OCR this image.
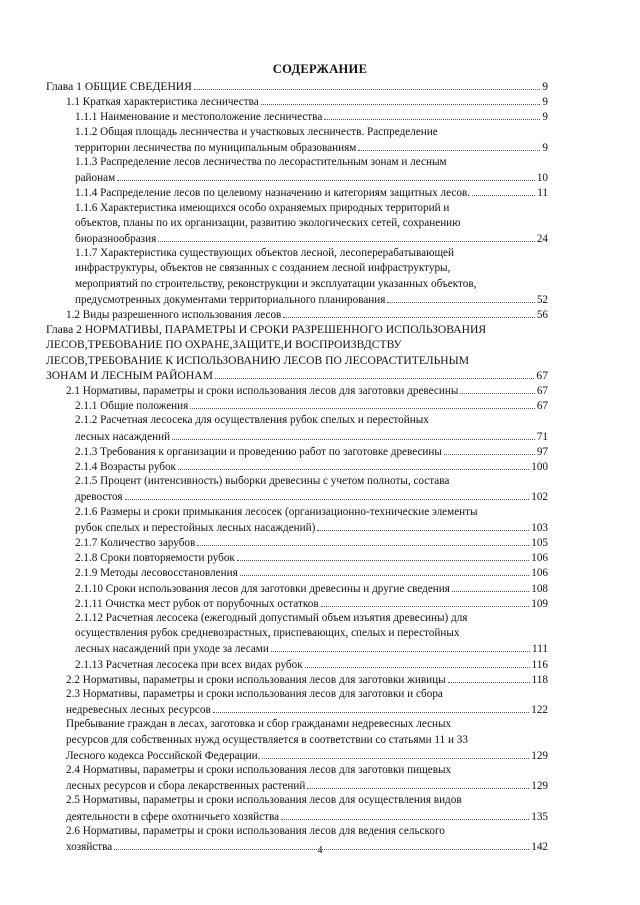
СОДЕРЖАНИЕ
Глава 1 ОБЩИЕ СВЕДЕНИЯ	9
1.1 Краткая характеристика лесничества	9
1.1.1 Наименование и местоположение лесничества	9
1.1.2 Общая площадь лесничества и участковых лесничеств. Распределение
территории лесничества по муниципальным образованиям	9
1.1.3 Распределение лесов лесничества по лесорастительным зонам и лесным
районам	10
1.1.4 Распределение лесов по целевому назначению и категориям защитных лесов.	11
1.1.6 Характеристика имеющихся особо охраняемых природных территорий и
объектов, планы по их организации, развитию экологических сетей, сохранению
биоразнообразия	24
1.1.7 Характеристика существующих объектов лесной, лесоперерабатывающей
инфраструктуры, объектов не связанных с созданием лесной инфраструктуры,
мероприятий по строительству, реконструкции и эксплуатации указанных объектов,
предусмотренных документами территориального планирования	52
1.2 Виды разрешенного использования лесов	56
Глава 2 НОРМАТИВЫ, ПАРАМЕТРЫ И СРОКИ РАЗРЕШЕННОГО ИСПОЛЬЗОВАНИЯ
ЛЕСОВ,ТРЕБОВАНИЕ ПО ОХРАНЕ,ЗАЩИТЕ,И ВОСПРОИЗВДСТВУ
ЛЕСОВ,ТРЕБОВАНИЕ К ИСПОЛЬЗОВАНИЮ ЛЕСОВ ПО ЛЕСОРАСТИТЕЛЬНЫМ
ЗОНАМ И ЛЕСНЫМ РАЙОНАМ	67
2.1 Нормативы, параметры и сроки использования лесов для заготовки древесины	67
2.1.1 Общие положения	67
2.1.2 Расчетная лесосека для осуществления рубок спелых и перестойных
лесных насаждений	71
2.1.3 Требования к организации и проведению работ по заготовке древесины	97
2.1.4 Возрасты рубок	100
2.1.5 Процент (интенсивность) выборки древесины с учетом полноты, состава
древостоя	102
2.1.6 Размеры и сроки примыкания лесосек (организационно-технические элементы
рубок спелых и перестойных лесных насаждений)	103
2.1.7 Количество зарубов	105
2.1.8 Сроки повторяемости рубок	106
2.1.9 Методы лесовосстановления	106
2.1.10 Сроки использования лесов для заготовки древесины и другие сведения	108
2.1.11 Очистка мест рубок от порубочных остатков	109
2.1.12 Расчетная лесосека (ежегодный допустимый объем изъятия древесины) для
осуществления рубок средневозрастных, приспевающих, спелых и перестойных
лесных насаждений при уходе за лесами	111
2.1.13 Расчетная лесосека при всех видах рубок	116
2.2 Нормативы, параметры и сроки использования лесов для заготовки живицы	118
2.3 Нормативы, параметры и сроки использования лесов для заготовки и сбора
недревесных лесных ресурсов	122
Пребывание граждан в лесах, заготовка и сбор гражданами недревесных лесных
ресурсов для собственных нужд осуществляется в соответствии со статьями 11 и 33
Лесного кодекса Российской Федерации.	129
2.4 Нормативы, параметры и сроки использования лесов для заготовки пищевых
лесных ресурсов и сбора лекарственных растений	129
2.5 Нормативы, параметры и сроки использования лесов для осуществления видов
деятельности в сфере охотничьего хозяйства	135
2.6 Нормативы, параметры и сроки использования лесов для ведения сельского
хозяйства	142
4
